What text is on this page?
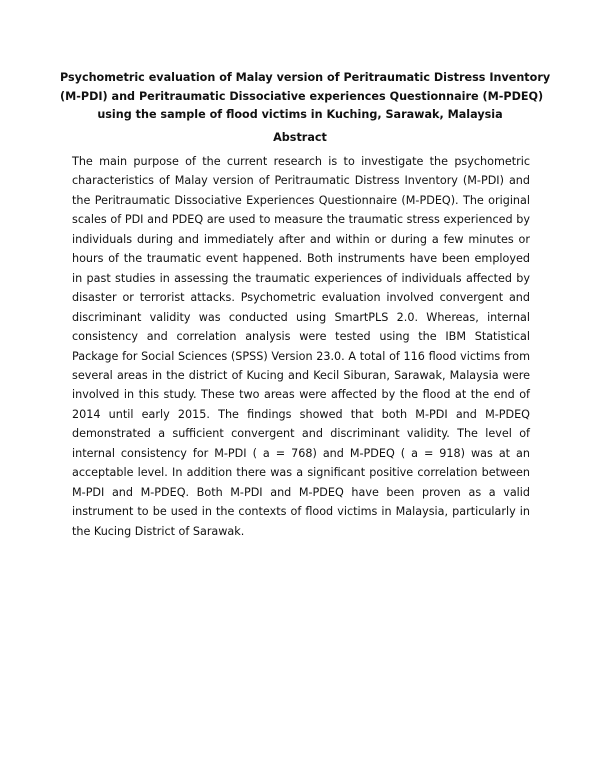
Psychometric evaluation of Malay version of Peritraumatic Distress Inventory
(M-PDI) and Peritraumatic Dissociative experiences Questionnaire (M-PDEQ)
using the sample of flood victims in Kuching, Sarawak, Malaysia
Abstract

The main purpose of the current research is to investigate the psychometric characteristics of Malay version of Peritraumatic Distress Inventory (M-PDI) and the Peritraumatic Dissociative Experiences Questionnaire (M-PDEQ). The original scales of PDI and PDEQ are used to measure the traumatic stress experienced by individuals during and immediately after and within or during a few minutes or hours of the traumatic event happened. Both instruments have been employed in past studies in assessing the traumatic experiences of individuals affected by disaster or terrorist attacks. Psychometric evaluation involved convergent and discriminant validity was conducted using SmartPLS 2.0. Whereas, internal consistency and correlation analysis were tested using the IBM Statistical Package for Social Sciences (SPSS) Version 23.0. A total of 116 flood victims from several areas in the district of Kucing and Kecil Siburan, Sarawak, Malaysia were involved in this study. These two areas were affected by the flood at the end of 2014 until early 2015. The findings showed that both M-PDI and M-PDEQ demonstrated a sufficient convergent and discriminant validity. The level of internal consistency for M-PDI ( a = 768) and M-PDEQ ( a = 918) was at an acceptable level. In addition there was a significant positive correlation between M-PDI and M-PDEQ. Both M-PDI and M-PDEQ have been proven as a valid instrument to be used in the contexts of flood victims in Malaysia, particularly in the Kucing District of Sarawak.
